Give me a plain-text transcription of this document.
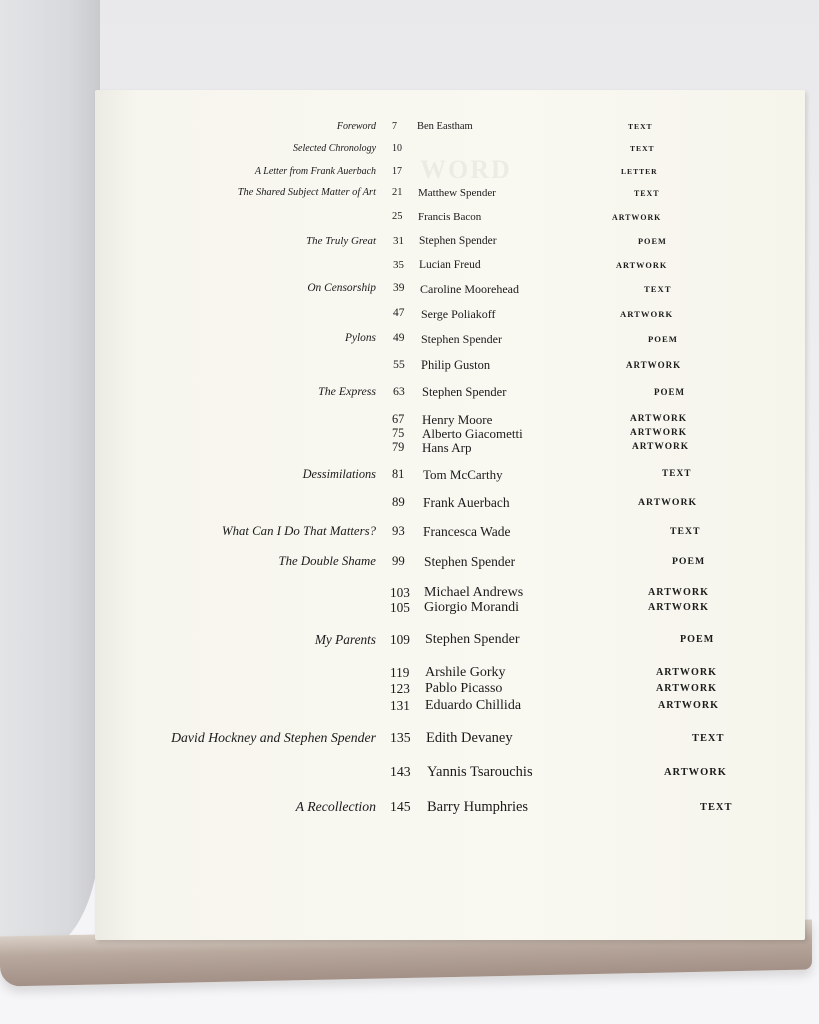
WORD
Foreword 7 Ben Eastham	TEXT
Selected Chronology 10	TEXT
A Letter from Frank Auerbach 17	LETTER
The Shared Subject Matter of Art 21 Matthew Spender	TEXT
25 Francis Bacon	ARTWORK
The Truly Great 31 Stephen Spender	POEM
35 Lucian Freud	ARTWORK
On Censorship 39 Caroline Moorehead	TEXT
47 Serge Poliakoff	ARTWORK
Pylons 49 Stephen Spender	POEM
55 Philip Guston	ARTWORK
The Express 63 Stephen Spender	POEM
67 Henry Moore	ARTWORK
75 Alberto Giacometti	ARTWORK
79 Hans Arp	ARTWORK
Dessimilations 81 Tom McCarthy	TEXT
89 Frank Auerbach	ARTWORK
What Can I Do That Matters? 93 Francesca Wade	TEXT
The Double Shame 99 Stephen Spender	POEM
103 Michael Andrews	ARTWORK
105 Giorgio Morandi	ARTWORK
My Parents 109 Stephen Spender	POEM
119 Arshile Gorky	ARTWORK
123 Pablo Picasso	ARTWORK
131 Eduardo Chillida	ARTWORK
David Hockney and Stephen Spender 135 Edith Devaney	TEXT
143 Yannis Tsarouchis	ARTWORK
A Recollection 145 Barry Humphries	TEXT
